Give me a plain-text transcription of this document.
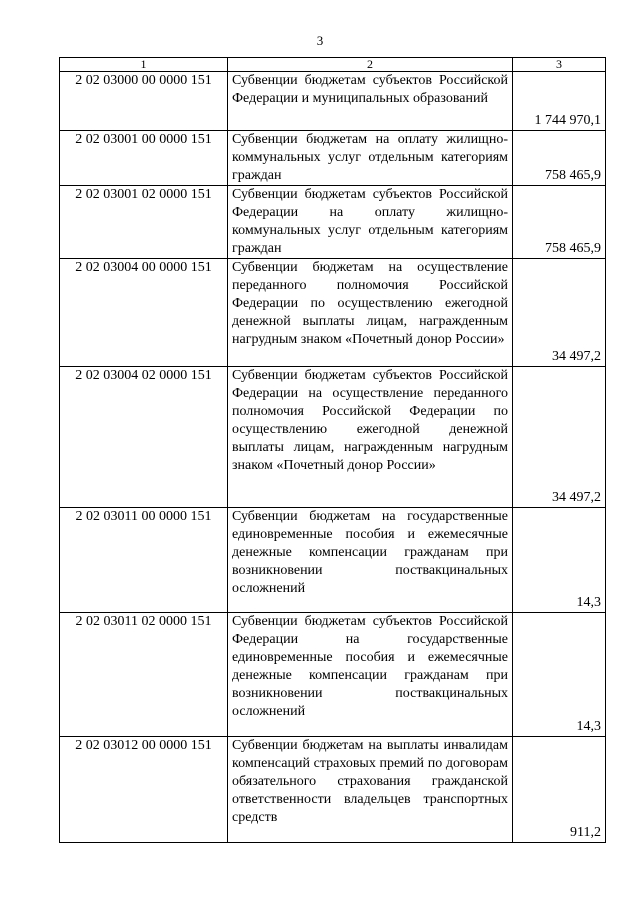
3
1	2	3
2 02 03000 00 0000 151	Субвенции бюджетам субъектов Российской Федерации и муниципальных образований	1 744 970,1
2 02 03001 00 0000 151	Субвенции бюджетам на оплату жилищно-коммунальных услуг отдельным категориям граждан	758 465,9
2 02 03001 02 0000 151	Субвенции бюджетам субъектов Российской Федерации на оплату жилищно-коммунальных услуг отдельным категориям граждан	758 465,9
2 02 03004 00 0000 151	Субвенции бюджетам на осуществление переданного полномочия Российской Федерации по осуществлению ежегодной денежной выплаты лицам, награжденным нагрудным знаком «Почетный донор России»	34 497,2
2 02 03004 02 0000 151	Субвенции бюджетам субъектов Российской Федерации на осуществление переданного полномочия Российской Федерации по осуществлению ежегодной денежной выплаты лицам, награжденным нагрудным знаком «Почетный донор России»	34 497,2
2 02 03011 00 0000 151	Субвенции бюджетам на государственные единовременные пособия и ежемесячные денежные компенсации гражданам при возникновении поствакцинальных осложнений	14,3
2 02 03011 02 0000 151	Субвенции бюджетам субъектов Российской Федерации на государственные единовременные пособия и ежемесячные денежные компенсации гражданам при возникновении поствакцинальных осложнений	14,3
2 02 03012 00 0000 151	Субвенции бюджетам на выплаты инвалидам компенсаций страховых премий по договорам обязательного страхования гражданской ответственности владельцев транспортных средств	911,2
